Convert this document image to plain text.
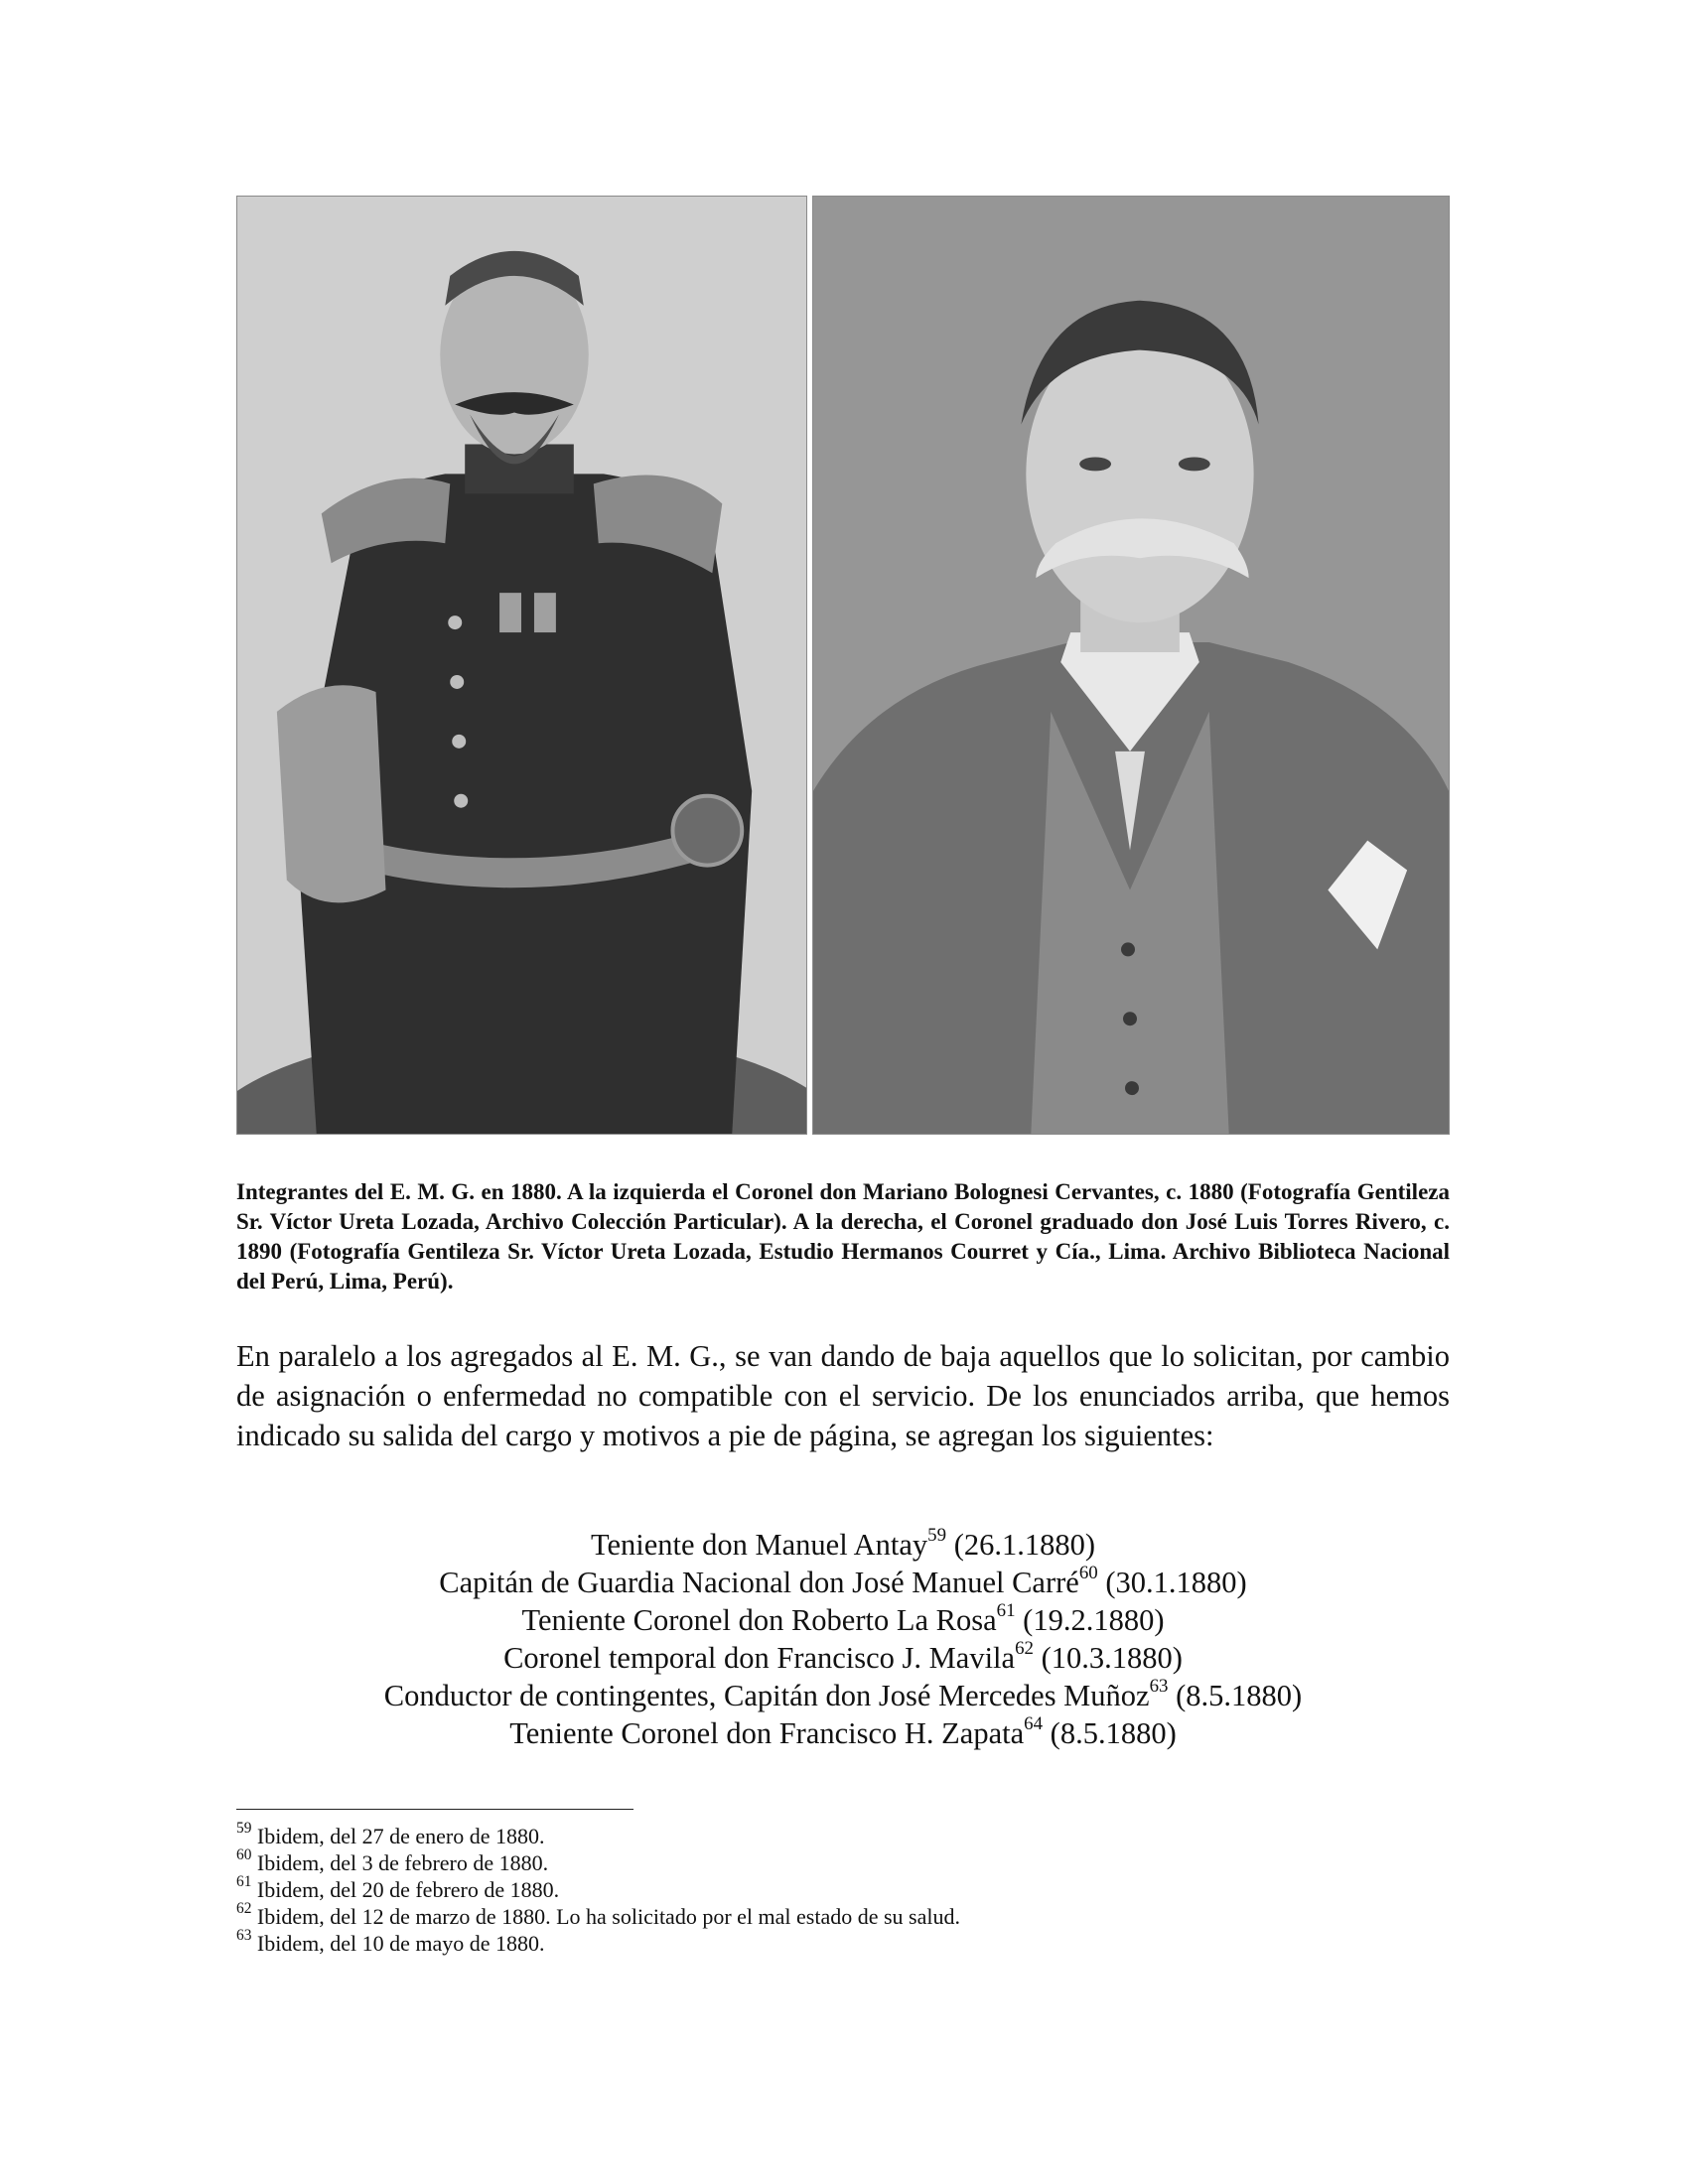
Integrantes del E. M. G. en 1880. A la izquierda el Coronel don Mariano Bolognesi Cervantes, c. 1880 (Fotografía Gentileza Sr. Víctor Ureta Lozada, Archivo Colección Particular). A la derecha, el Coronel graduado don José Luis Torres Rivero, c. 1890 (Fotografía Gentileza Sr. Víctor Ureta Lozada, Estudio Hermanos Courret y Cía., Lima. Archivo Biblioteca Nacional del Perú, Lima, Perú).

En paralelo a los agregados al E. M. G., se van dando de baja aquellos que lo solicitan, por cambio de asignación o enfermedad no compatible con el servicio. De los enunciados arriba, que hemos indicado su salida del cargo y motivos a pie de página, se agregan los siguientes:

Teniente don Manuel Antay$^{59}$ (26.1.1880)
Capitán de Guardia Nacional don José Manuel Carré$^{60}$ (30.1.1880)
Teniente Coronel don Roberto La Rosa$^{61}$ (19.2.1880)
Coronel temporal don Francisco J. Mavila$^{62}$ (10.3.1880)
Conductor de contingentes, Capitán don José Mercedes Muñoz$^{63}$ (8.5.1880)
Teniente Coronel don Francisco H. Zapata$^{64}$ (8.5.1880)
$^{59}$ Ibidem, del 27 de enero de 1880.
$^{60}$ Ibidem, del 3 de febrero de 1880.
$^{61}$ Ibidem, del 20 de febrero de 1880.
$^{62}$ Ibidem, del 12 de marzo de 1880. Lo ha solicitado por el mal estado de su salud.
$^{63}$ Ibidem, del 10 de mayo de 1880.
